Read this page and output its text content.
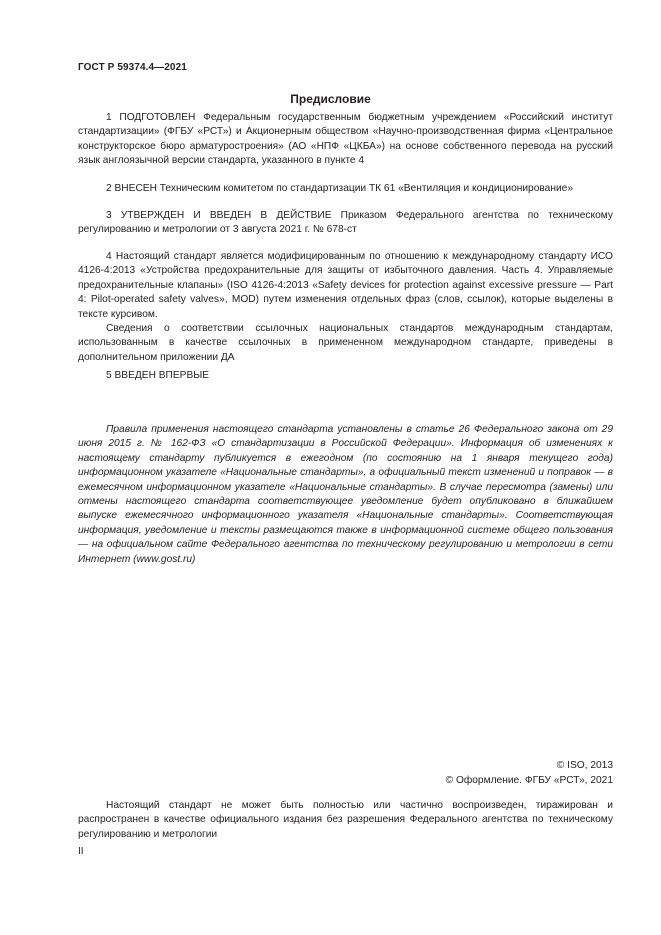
ГОСТ Р 59374.4—2021
Предисловие

1 ПОДГОТОВЛЕН Федеральным государственным бюджетным учреждением «Российский институт стандартизации» (ФГБУ «РСТ») и Акционерным обществом «Научно-производственная фирма «Центральное конструкторское бюро арматуростроения» (АО «НПФ «ЦКБА») на основе собственного перевода на русский язык англоязычной версии стандарта, указанного в пункте 4

2 ВНЕСЕН Техническим комитетом по стандартизации ТК 61 «Вентиляция и кондиционирование»

3 УТВЕРЖДЕН И ВВЕДЕН В ДЕЙСТВИЕ Приказом Федерального агентства по техническому регулированию и метрологии от 3 августа 2021 г. № 678-ст

4 Настоящий стандарт является модифицированным по отношению к международному стандарту ИСО 4126-4:2013 «Устройства предохранительные для защиты от избыточного давления. Часть 4. Управляемые предохранительные клапаны» (ISO 4126-4:2013 «Safety devices for protection against excessive pressure — Part 4: Pilot-operated safety valves», MOD) путем изменения отдельных фраз (слов, ссылок), которые выделены в тексте курсивом.

Сведения о соответствии ссылочных национальных стандартов международным стандартам, использованным в качестве ссылочных в примененном международном стандарте, приведены в дополнительном приложении ДА

5 ВВЕДЕН ВПЕРВЫЕ

Правила применения настоящего стандарта установлены в статье 26 Федерального закона от 29 июня 2015 г. № 162-ФЗ «О стандартизации в Российской Федерации». Информация об изменениях к настоящему стандарту публикуется в ежегодном (по состоянию на 1 января текущего года) информационном указателе «Национальные стандарты», а официальный текст изменений и поправок — в ежемесячном информационном указателе «Национальные стандарты». В случае пересмотра (замены) или отмены настоящего стандарта соответствующее уведомление будет опубликовано в ближайшем выпуске ежемесячного информационного указателя «Национальные стандарты». Соответствующая информация, уведомление и тексты размещаются также в информационной системе общего пользования — на официальном сайте Федерального агентства по техническому регулированию и метрологии в сети Интернет (www.gost.ru)

© ISO, 2013
© Оформление. ФГБУ «РСТ», 2021

Настоящий стандарт не может быть полностью или частично воспроизведен, тиражирован и распространен в качестве официального издания без разрешения Федерального агентства по техническому регулированию и метрологии

II
